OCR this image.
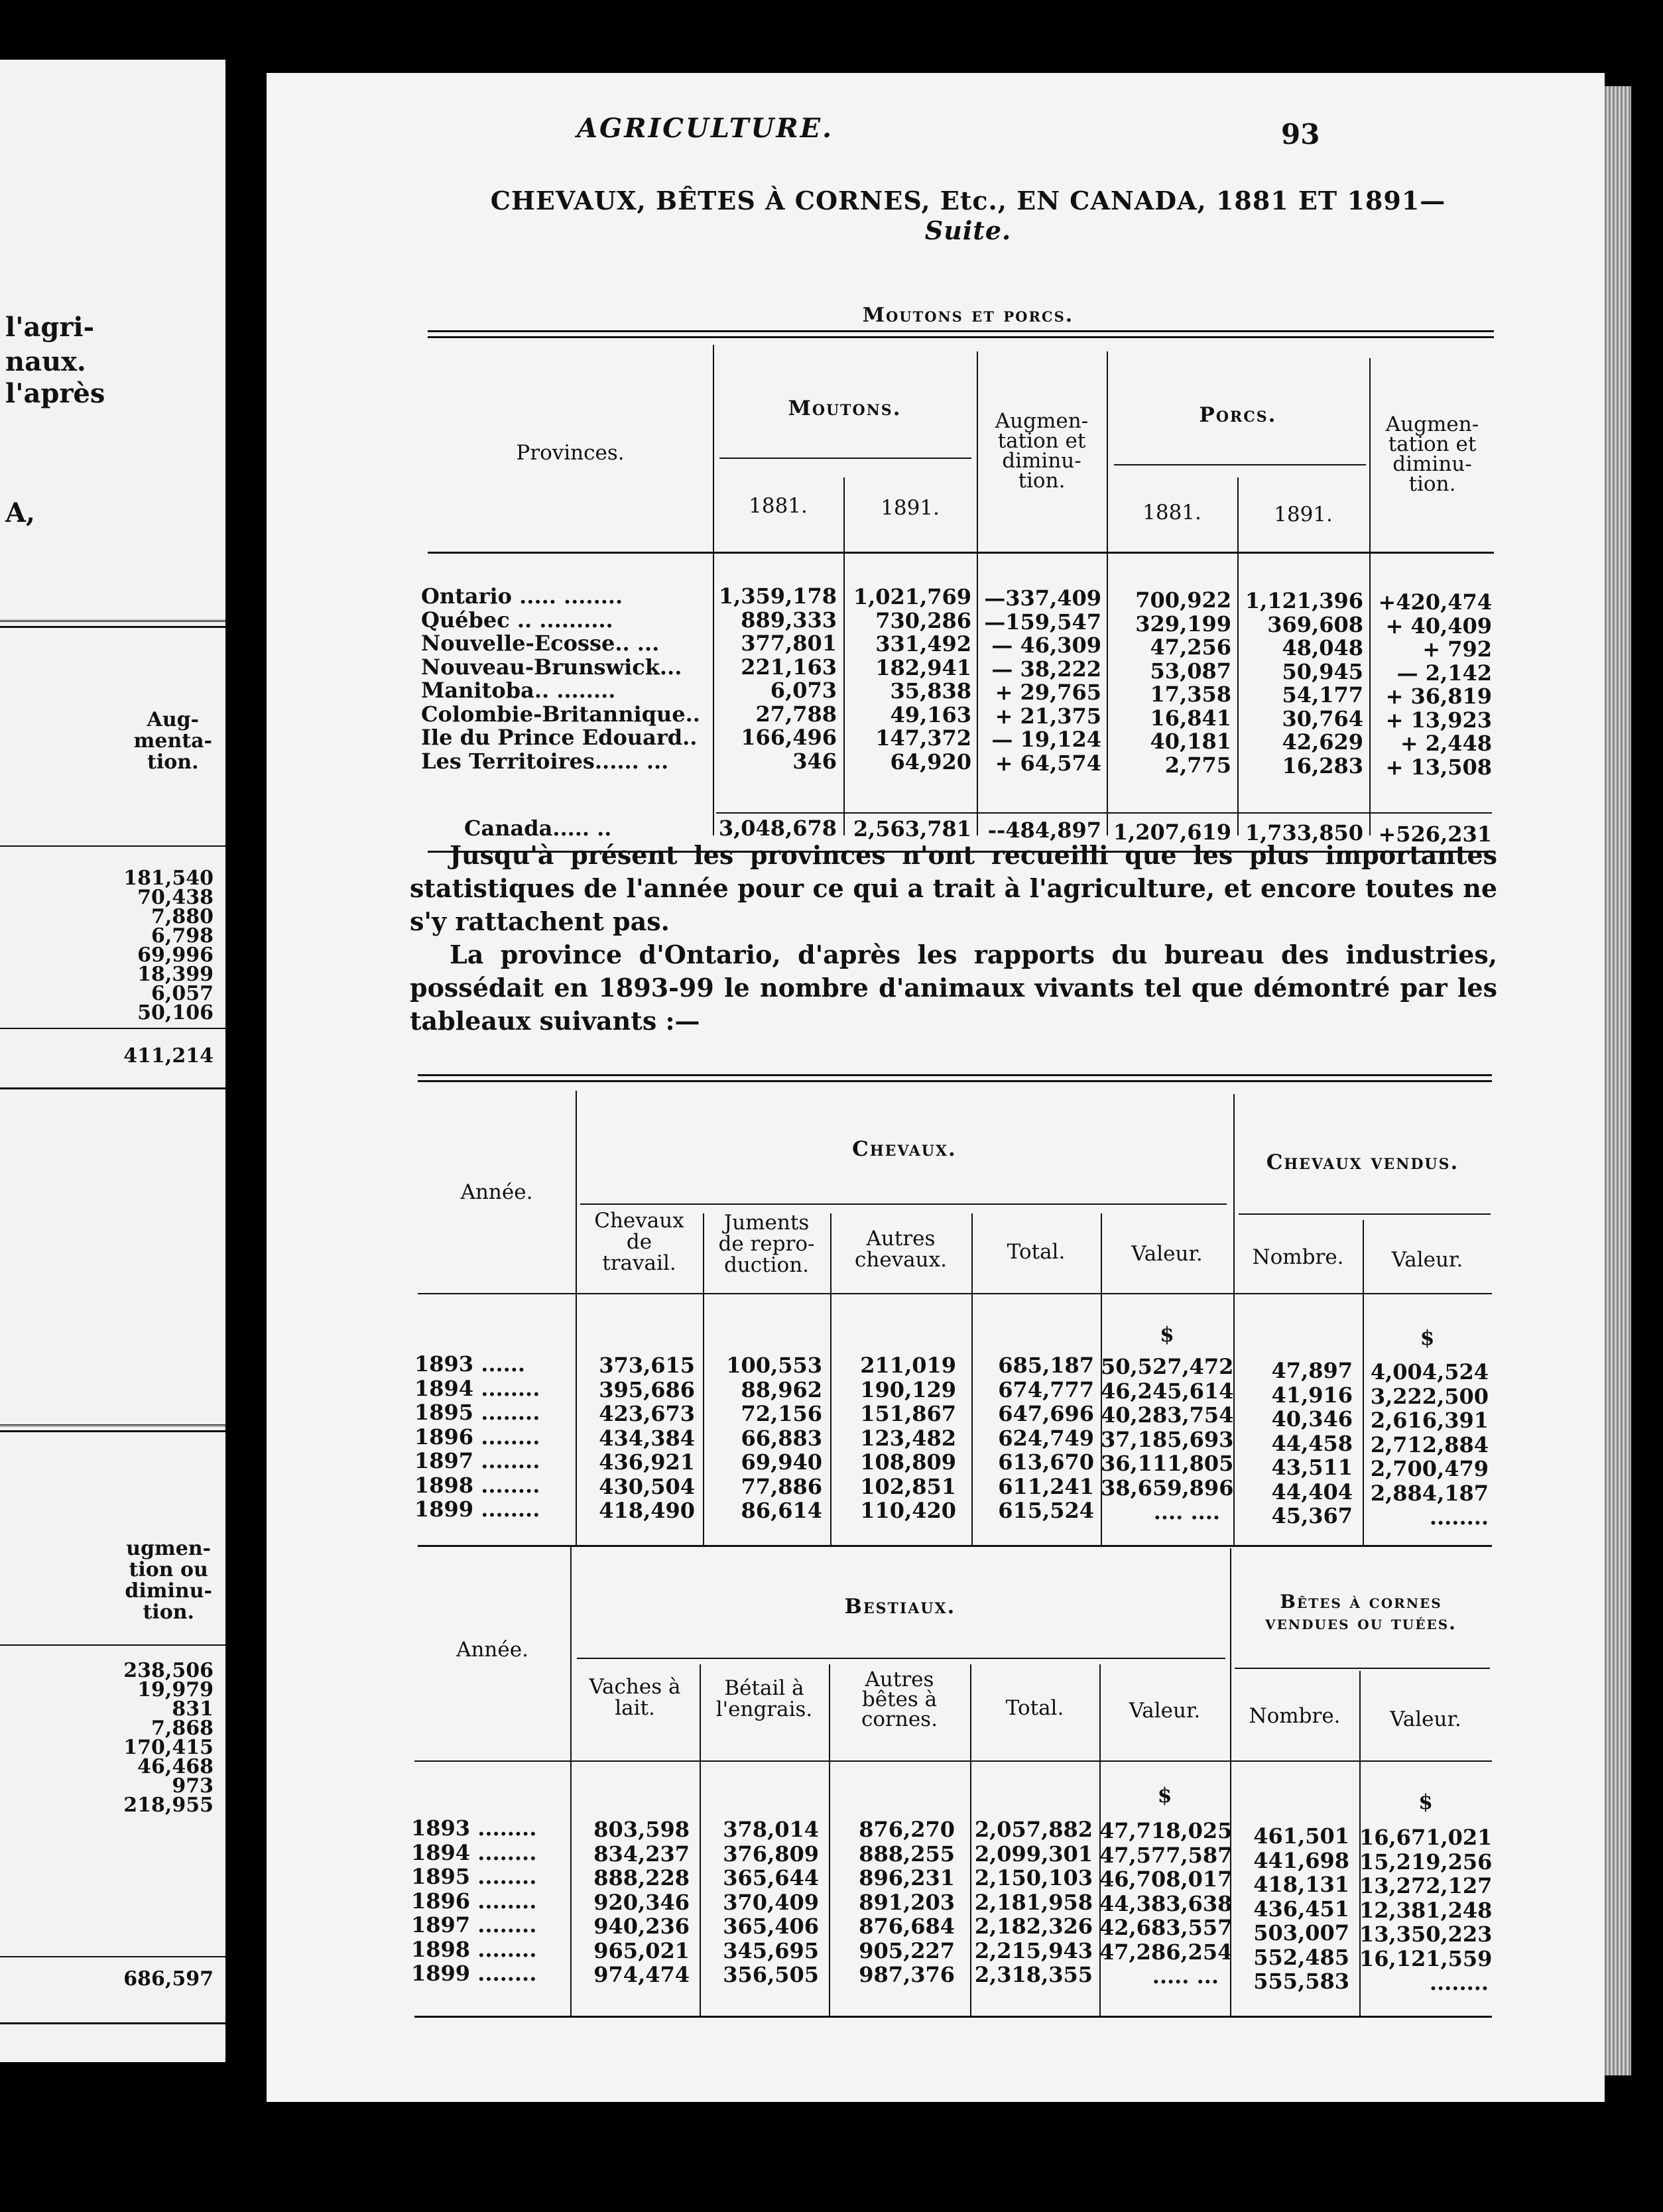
l'agri-
naux.
l'après
A,
Aug-
menta-
tion.
181,540
70,438
7,880
6,798
69,996
18,399
6,057
50,106
411,214
ugmen-
tion ou
diminu-
tion.
238,506
19,979
831
7,868
170,415
46,468
973
218,955
686,597
AGRICULTURE.	93
CHEVAUX, BÊTES À CORNES, Etc., EN CANADA, 1881 ET 1891—Suite.
Moutons et porcs.
Provinces.
Moutons.	Porcs.
Augmen-
tation et
diminu-
tion.
Augmen-
tation et
diminu-
tion.
1881.	1891.	1881.	1891.
Ontario ..... ........	1,359,178 1,021,769 —337,409	700,922 1,121,396 +420,474
Québec .. ..........	889,333	730,286 —159,547	329,199	369,608	+ 40,409
Nouvelle-Ecosse.. ...	377,801	331,492 — 46,309	47,256	48,048	+ 792
Nouveau-Brunswick...	221,163	182,941 — 38,222	53,087	50,945	— 2,142
Manitoba.. ........	6,073	35,838	+ 29,765	17,358	54,177	+ 36,819
Colombie-Britannique..	27,788	49,163	+ 21,375	16,841	30,764	+ 13,923
Ile du Prince Edouard..	166,496	147,372 — 19,124	40,181	42,629	+ 2,448
Les Territoires...... ...	346	64,920	+ 64,574	2,775	16,283	+ 13,508
Canada..... ..	3,048,678 2,563,781 --484,897 1,207,619 1,733,850 +526,231
Jusqu'à présent les provinces n'ont recueilli que les plus importantes statistiques de l'année pour ce qui a trait à l'agriculture, et encore toutes ne s'y rattachent pas.
La province d'Ontario, d'après les rapports du bureau des industries, possédait en 1893-99 le nombre d'animaux vivants tel que démontré par les tableaux suivants :—
Année.
Chevaux.
Chevaux vendus.
Chevaux
de
travail.
Juments
de repro-
duction.
Autres
chevaux.	Total.	Valeur.	Nombre.	Valeur.
$	$
1893 ......	373,615	100,553	211,019	685,187 50,527,472	47,897 4,004,524
1894 ........	395,686	88,962	190,129	674,777 46,245,614	41,916 3,222,500
1895 ........	423,673	72,156	151,867	647,696 40,283,754	40,346 2,616,391
1896 ........	434,384	66,883	123,482	624,749 37,185,693	44,458 2,712,884
1897 ........	436,921	69,940	108,809	613,670 36,111,805	43,511 2,700,479
1898 ........	430,504	77,886	102,851	611,241 38,659,896	44,404 2,884,187
1899 ........	418,490	86,614	110,420	615,524	.... ....	45,367	........
Année.
Bestiaux.	Bêtes à cornes
vendues ou tuées.
Vaches à
lait.
Bétail à
l'engrais.
Autres
bêtes à
cornes.	Total.	Valeur.	Nombre.	Valeur.
$	$
1893 ........	803,598	378,014	876,270 2,057,882 47,718,025 461,501 16,671,021
1894 ........	834,237	376,809	888,255 2,099,301 47,577,587 441,698 15,219,256
1895 ........	888,228	365,644	896,231 2,150,103 46,708,017 418,131 13,272,127
1896 ........	920,346	370,409	891,203 2,181,958 44,383,638 436,451 12,381,248
1897 ........	940,236	365,406	876,684 2,182,326 42,683,557 503,007 13,350,223
1898 ........	965,021	345,695	905,227 2,215,943 47,286,254 552,485 16,121,559
1899 ........	974,474	356,505	987,376 2,318,355	..... ...	555,583	........
